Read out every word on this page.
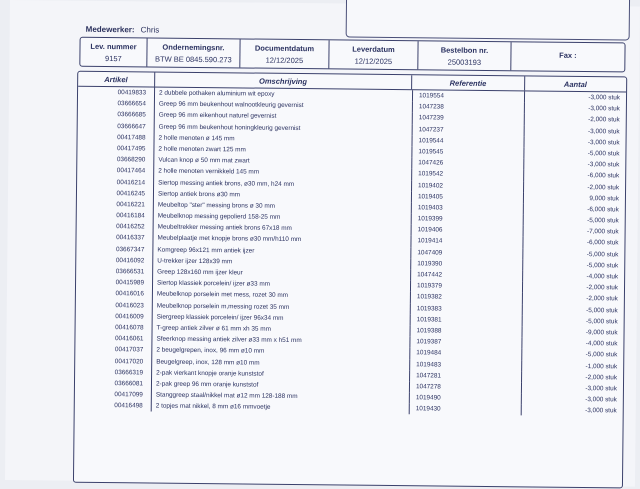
Medewerker: Chris
Lev. nummer
9157
Ondernemingsnr.
BTW BE 0845.590.273
Documentdatum
12/12/2025
Leverdatum
12/12/2025
Bestelbon nr.
25003193
Fax :
Artikel	Omschrijving	Referentie	Aantal
00419833	2 dubbele pothaken aluminium wit epoxy	1019554	-3,000 stuk
03666654	Greep 96 mm beukenhout walnootkleurig gevernist	1047238	-3,000 stuk
03666685	Greep 96 mm eikenhout naturel gevernist	1047239	-2,000 stuk
03666647	Greep 96 mm beukenhout honingkleurig gevernist	1047237	-3,000 stuk
00417488	2 holle menoten ø 145 mm	1019544	-3,000 stuk
00417495	2 holle menoten zwart 125 mm	1019545	-5,000 stuk
03668290	Vulcan knop ø 50 mm mat zwart	1047426	-3,000 stuk
00417464	2 holle menoten vernikkeld 145 mm	1019542	-6,000 stuk
00416214	Siertop messing antiek brons, ø30 mm, h24 mm	1019402	-2,000 stuk
00416245	Siertop antiek brons ø30 mm	1019405	9,000 stuk
00416221	Meubeltop "ster" messing brons ø 30 mm	1019403	-6,000 stuk
00416184	Meubelknop messing gepolierd 158-25 mm	1019399	-5,000 stuk
00416252	Meubeltrekker messing antiek brons 67x18 mm	1019406	-7,000 stuk
00416337	Meubelplaatje met knopje brons ø30 mm/h110 mm	1019414	-6,000 stuk
03667347	Komgreep 96x121 mm antiek ijzer	1047409	-5,000 stuk
00416092	U-trekker ijzer 128x39 mm	1019390	-5,000 stuk
03666531	Greep 128x160 mm ijzer kleur	1047442	-4,000 stuk
00415989	Siertop klassiek porcelein/ ijzer ø33 mm	1019379	-2,000 stuk
00416016	Meubelknop porselein met mess, rozet 30 mm	1019382	-2,000 stuk
00416023	Meubelknop porselein m,messing rozet 35 mm	1019383	-5,000 stuk
00416009	Siergreep klassiek porcelein/ ijzer 96x34 mm	1019381	-5,000 stuk
00416078	T-greep antiek zilver ø 61 mm xh 35 mm	1019388	-9,000 stuk
00416061	Sfeerknop messing antiek zilver ø33 mm x h51 mm	1019387	-4,000 stuk
00417037	2 beugelgrepen, inox, 96 mm ø10 mm	1019484	-5,000 stuk
00417020	Beugelgreep, inox, 128 mm ø10 mm	1019483	-1,000 stuk
03666319	2-pak vierkant knopje oranje kunststof	1047281	-2,000 stuk
03666081	2-pak greep 96 mm oranje kunststof	1047278	-3,000 stuk
00417099	Stanggreep staal/nikkel mat ø12 mm 128-188 mm	1019490	-3,000 stuk
00416498	2 topjes mat nikkel, 8 mm ø16 mmvoetje	1019430	-3,000 stuk
